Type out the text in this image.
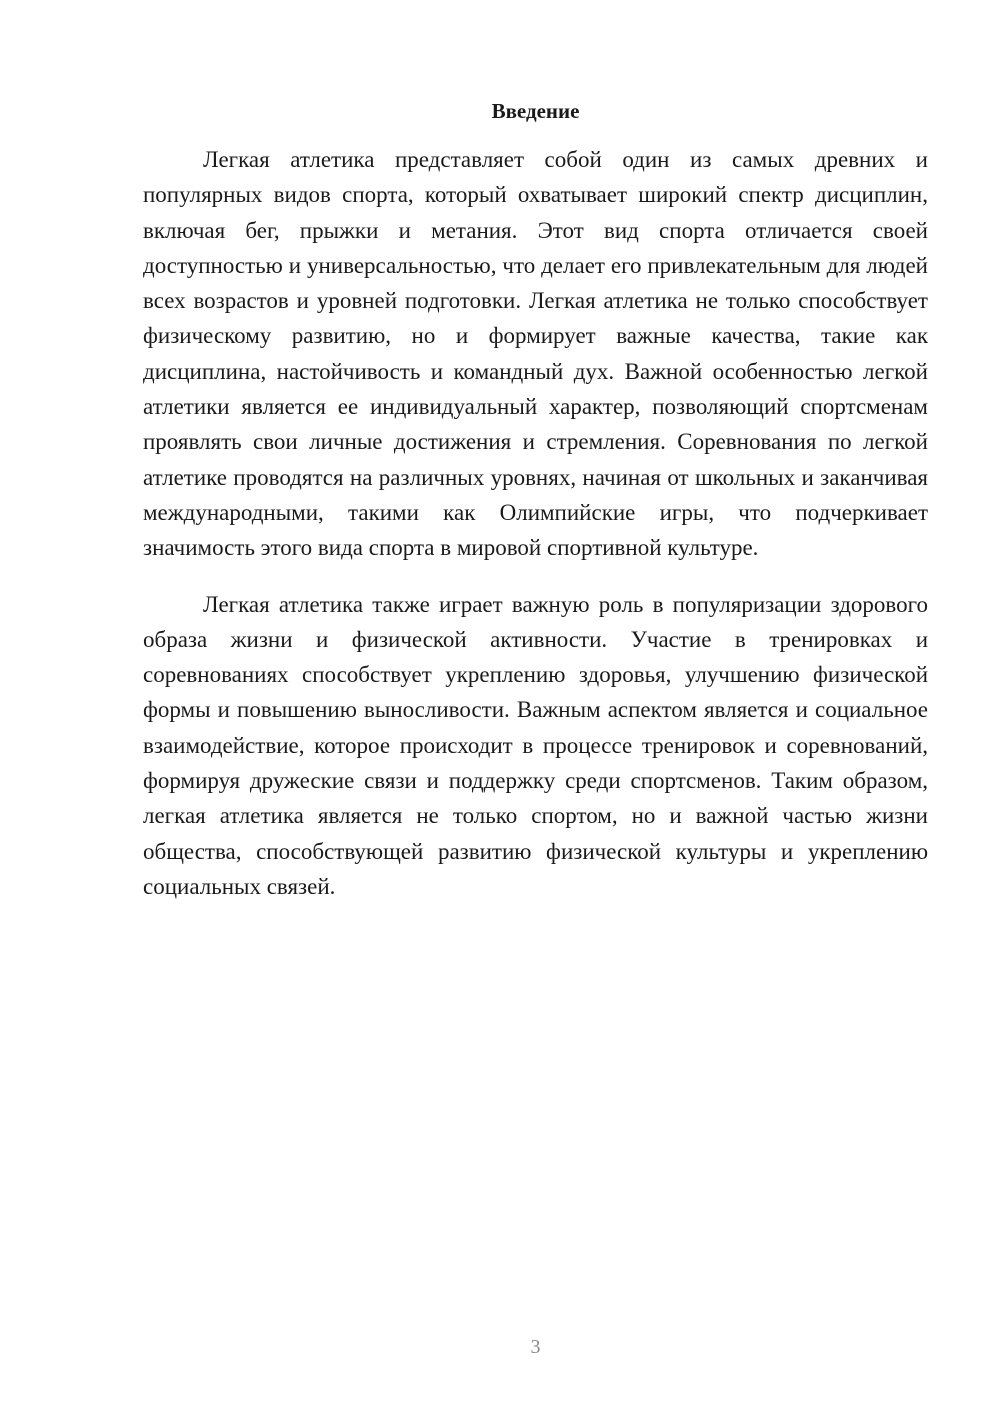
Введение

Легкая атлетика представляет собой один из самых древних и популярных видов спорта, который охватывает широкий спектр дисциплин, включая бег, прыжки и метания. Этот вид спорта отличается своей доступностью и универсальностью, что делает его привлекательным для людей всех возрастов и уровней подготовки. Легкая атлетика не только способствует физическому развитию, но и формирует важные качества, такие как дисциплина, настойчивость и командный дух. Важной особенностью легкой атлетики является ее индивидуальный характер, позволяющий спортсменам проявлять свои личные достижения и стремления. Соревнования по легкой атлетике проводятся на различных уровнях, начиная от школьных и заканчивая международными, такими как Олимпийские игры, что подчеркивает значимость этого вида спорта в мировой спортивной культуре.

Легкая атлетика также играет важную роль в популяризации здорового образа жизни и физической активности. Участие в тренировках и соревнованиях способствует укреплению здоровья, улучшению физической формы и повышению выносливости. Важным аспектом является и социальное взаимодействие, которое происходит в процессе тренировок и соревнований, формируя дружеские связи и поддержку среди спортсменов. Таким образом, легкая атлетика является не только спортом, но и важной частью жизни общества, способствующей развитию физической культуры и укреплению социальных связей.

3
